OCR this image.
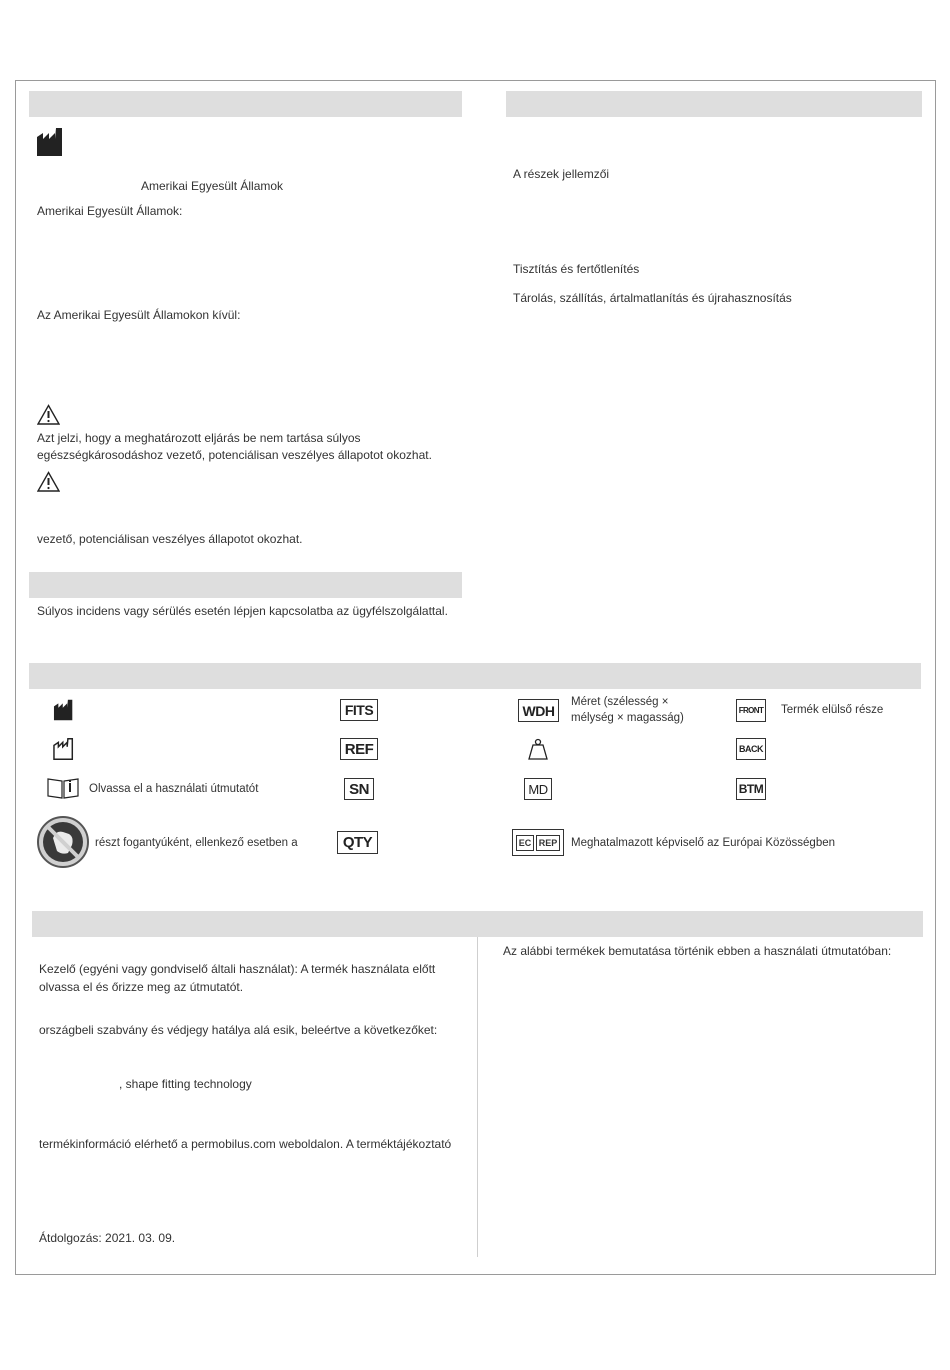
Amerikai Egyesült Államok
Amerikai Egyesült Államok:
Az Amerikai Egyesült Államokon kívül:
Azt jelzi, hogy a meghatározott eljárás be nem tartása súlyos
egészségkárosodáshoz vezető, potenciálisan veszélyes állapotot okozhat.
vezető, potenciálisan veszélyes állapotot okozhat.
Súlyos incidens vagy sérülés esetén lépjen kapcsolatba az ügyfélszolgálattal.
A részek jellemzői
Tisztítás és fertőtlenítés
Tárolás, szállítás, ártalmatlanítás és újrahasznosítás
Olvassa el a használati útmutatót
részt fogantyúként, ellenkező esetben a
FITS
REF
SN
QTY
WDH
Méret (szélesség ×
mélység × magasság)
MD
EC REP Meghatalmazott képviselő az Európai Közösségben
FRONT Termék elülső része
BACK
BTM
Kezelő (egyéni vagy gondviselő általi használat): A termék használata előtt
olvassa el és őrizze meg az útmutatót.
országbeli szabvány és védjegy hatálya alá esik, beleértve a következőket:
, shape fitting technology
termékinformáció elérhető a permobilus.com weboldalon. A terméktájékoztató
Átdolgozás: 2021. 03. 09.
Az alábbi termékek bemutatása történik ebben a használati útmutatóban:
